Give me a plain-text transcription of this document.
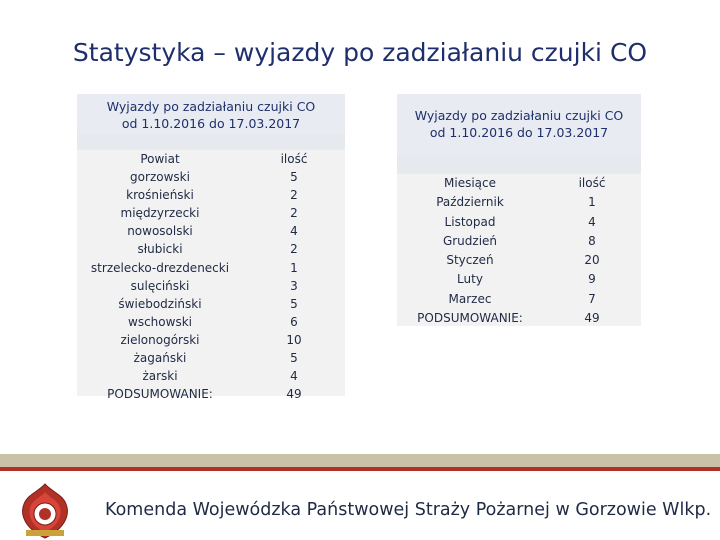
Statystyka – wyjazdy po zadziałaniu czujki CO
Wyjazdy po zadziałaniu czujki CO
od 1.10.2016 do 17.03.2017
Powiat
gorzowski
krośnieński
międzyrzecki
nowosolski
słubicki
strzelecko-drezdenecki
sulęciński
świebodziński
wschowski
zielonogórski
żagański
żarski
PODSUMOWANIE:
ilość
5
2
2
4
2
1
3
5
6
10
5
4
49
Wyjazdy po zadziałaniu czujki CO
od 1.10.2016 do 17.03.2017
Miesiące
Październik
Listopad
Grudzień
Styczeń
Luty
Marzec
PODSUMOWANIE:
ilość
1
4
8
20
9
7
49
Komenda Wojewódzka Państwowej Straży Pożarnej w Gorzowie Wlkp.
